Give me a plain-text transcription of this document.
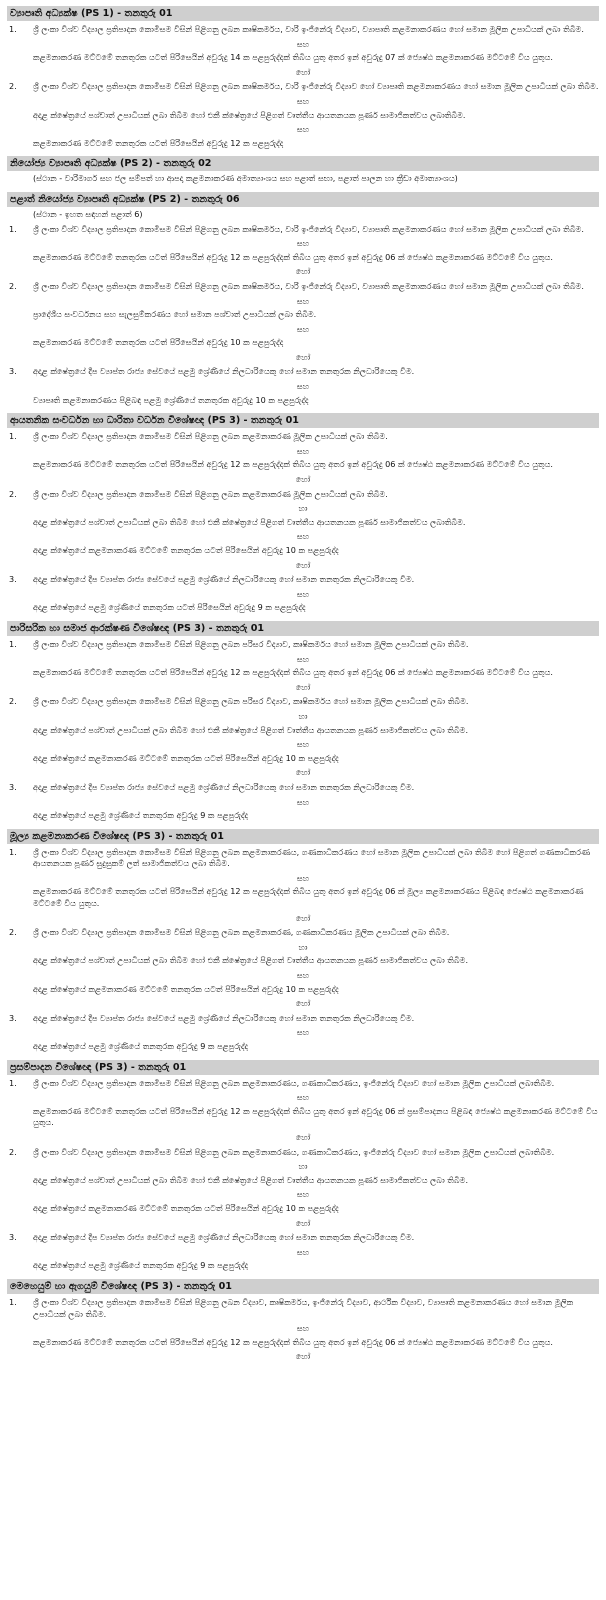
ව්‍යාපෘති අධ්‍යක්ෂ (PS 1) - තනතුරු 01
1.	ශ්‍රී ලංකා විශ්ව විද්‍යාල ප්‍රතිපාදන කොමිසම විසින් පිළිගනු ලබන කෘෂිකර්මය, වාරි ඉංජිනේරු විද්‍යාව, ව්‍යාපෘති කළමනාකරණය හෝ සමාන මූලික උපාධියක් ලබා තිබීම.
සහ
කළමනාකරණ මට්ටමේ තනතුරක යටත් පිරිසෙයින් අවුරුදු 14 ක පළපුරුද්දක් තිබිය යුතු අතර ඉන් අවුරුදු 07 ක් ජ්‍යෙෂ්ඨ කළමනාකරණ මට්ටමේ විය යුතුය.
හෝ
2.	ශ්‍රී ලංකා විශ්ව විද්‍යාල ප්‍රතිපාදන කොමිසම විසින් පිළිගනු ලබන කෘෂිකර්මය, වාරි ඉංජිනේරු විද්‍යාව හෝ ව්‍යාපෘති කළමනාකරණය හෝ සමාන මූලික උපාධියක් ලබා තිබීම.
සහ
අදාළ ක්ෂේත්‍රයේ පශ්චාත් උපාධියක් ලබා තිබීම හෝ එකී ක්ෂේත්‍රයේ පිළිගත් වෘත්තීය ආයතනයක පූර්ණ සාමාජිකත්වය ලබාතිබීම.
සහ
කළමනාකරණ මට්ටමේ තනතුරක යටත් පිරිසෙයින් අවුරුදු 12 ක පළපුරුද්ද
නියෝජ්‍ය ව්‍යාපෘති අධ්‍යක්ෂ (PS 2) - තනතුරු 02
(ස්ථාන - වාරිමාර්ග සහ ජල සම්පත් හා ආපදා කළමනාකරණ අමාත්‍යාංශය සහ පළාත් සභා, පළාත් පාලන හා ක්‍රීඩා අමාත්‍යාංශය)
පළාත් නියෝජ්‍ය ව්‍යාපෘති අධ්‍යක්ෂ (PS 2) - තනතුරු 06
(ස්ථාන - ඉහත සඳහන් පළාත් 6)
1.	ශ්‍රී ලංකා විශ්ව විද්‍යාල ප්‍රතිපාදන කොමිසම විසින් පිළිගනු ලබන කෘෂිකර්මය, වාරි ඉංජිනේරු විද්‍යාව, ව්‍යාපෘති කළමනාකරණය හෝ සමාන මූලික උපාධියක් ලබා තිබීම.
සහ
කළමනාකරණ මට්ටමේ තනතුරක යටත් පිරිසෙයින් අවුරුදු 12 ක පළපුරුද්දක් තිබිය යුතු අතර ඉන් අවුරුදු 06 ක් ජ්‍යෙෂ්ඨ කළමනාකරණ මට්ටමේ විය යුතුය.
හෝ
2.	ශ්‍රී ලංකා විශ්ව විද්‍යාල ප්‍රතිපාදන කොමිසම විසින් පිළිගනු ලබන කෘෂිකර්මය, වාරි ඉංජිනේරු විද්‍යාව, ව්‍යාපෘති කළමනාකරණය හෝ සමාන මූලික උපාධියක් ලබා තිබීම.
සහ
ප්‍රාදේශීය සංවර්ධනය සහ සැලසුම්කරණය හෝ සමාන පශ්චාත් උපාධියක් ලබා තිබීම.
සහ
කළමනාකරණ මට්ටමේ තනතුරක යටත් පිරිසෙයින් අවුරුදු 10 ක පළපුරුද්ද
හෝ
3.	අදාළ ක්ෂේත්‍රයේ දීප ව්‍යාප්ත රාජ්‍ය සේවයේ පළමු ශ්‍රේණියේ නිලධාරියෙකු හෝ සමාන තනතුරක නිලධාරියෙකු වීම.
සහ
ව්‍යාපෘති කළමනාකරණය පිළිබඳ පළමු ශ්‍රේණියේ තනතුරක අවුරුදු 10 ක පළපුරුද්ද
ආයතනික සංවර්ධන හා ධාරිතා වර්ධන විශේෂඥ (PS 3) - තනතුරු 01
1.	ශ්‍රී ලංකා විශ්ව විද්‍යාල ප්‍රතිපාදන කොමිසම විසින් පිළිගනු ලබන කළමනාකරණ මූලික උපාධියක් ලබා තිබීම.
සහ
කළමනාකරණ මට්ටමේ තනතුරක යටත් පිරිසෙයින් අවුරුදු 12 ක පළපුරුද්දක් තිබිය යුතු අතර ඉන් අවුරුදු 06 ක් ජ්‍යෙෂ්ඨ කළමනාකරණ මට්ටමේ විය යුතුය.
හෝ
2.	ශ්‍රී ලංකා විශ්ව විද්‍යාල ප්‍රතිපාදන කොමිසම විසින් පිළිගනු ලබන කළමනාකරණ මූලික උපාධියක් ලබා තිබීම.
හා
අදාළ ක්ෂේත්‍රයේ පශ්චාත් උපාධියක් ලබා තිබීම හෝ එකී ක්ෂේත්‍රයේ පිළිගත් වෘත්තීය ආයතනයක පූර්ණ සාමාජිකත්වය ලබාතිබීම.
සහ
අදාළ ක්ෂේත්‍රයේ කළමනාකරණ මට්ටමේ තනතුරක යටත් පිරිසෙයින් අවුරුදු 10 ක පළපුරුද්ද
හෝ
3.	අදාළ ක්ෂේත්‍රයේ දීප ව්‍යාප්ත රාජ්‍ය සේවයේ පළමු ශ්‍රේණියේ නිලධාරියෙකු හෝ සමාන තනතුරක නිලධාරියෙකු වීම.
සහ
අදාළ ක්ෂේත්‍රයේ පළමු ශ්‍රේණියේ තනතුරක යටත් පිරිසෙයින් අවුරුදු 9 ක පළපුරුද්ද
පාරිසරික හා සමාජ ආරක්ෂණ විශේෂඥ (PS 3) - තනතුරු 01
1.	ශ්‍රී ලංකා විශ්ව විද්‍යාල ප්‍රතිපාදන කොමිසම විසින් පිළිගනු ලබන පරිසර විද්‍යාව, කෘෂිකර්මය හෝ සමාන මූලික උපාධියක් ලබා තිබීම.
සහ
කළමනාකරණ මට්ටමේ තනතුරක යටත් පිරිසෙයින් අවුරුදු 12 ක පළපුරුද්දක් තිබිය යුතු අතර ඉන් අවුරුදු 06 ක් ජ්‍යෙෂ්ඨ කළමනාකරණ මට්ටමේ විය යුතුය.
හෝ
2.	ශ්‍රී ලංකා විශ්ව විද්‍යාල ප්‍රතිපාදන කොමිසම විසින් පිළිගනු ලබන පරිසර විද්‍යාව, කෘෂිකර්මය හෝ සමාන මූලික උපාධියක් ලබා තිබීම.
හා
අදාළ ක්ෂේත්‍රයේ පශ්චාත් උපාධියක් ලබා තිබීම හෝ එකී ක්ෂේත්‍රයේ පිළිගත් වෘත්තීය ආයතනයක පූර්ණ සාමාජිකත්වය ලබා තිබීම.
සහ
අදාළ ක්ෂේත්‍රයේ කළමනාකරණ මට්ටමේ තනතුරක යටත් පිරිසෙයින් අවුරුදු 10 ක පළපුරුද්ද
හෝ
3.	අදාළ ක්ෂේත්‍රයේ දීප ව්‍යාප්ත රාජ්‍ය සේවයේ පළමු ශ්‍රේණියේ නිලධාරියෙකු හෝ සමාන තනතුරක නිලධාරියෙකු වීම.
සහ
අදාළ ක්ෂේත්‍රයේ පළමු ශ්‍රේණියේ තනතුරක අවුරුදු 9 ක පළපුරුද්ද
මූල්‍ය කළමනාකරණ විශේෂඥ (PS 3) - තනතුරු 01
1.	ශ්‍රී ලංකා විශ්ව විද්‍යාල ප්‍රතිපාදන කොමිසම විසින් පිළිගනු ලබන කළමනාකරණය, ගණකාධිකරණය හෝ සමාන මූලික උපාධියක් ලබා තිබීම හෝ පිළිගත් ගණකාධිකරණ ආයතනයක පූර්ණ සුදුසුකම් ලත් සාමාජිකත්වය ලබා තිබීම.
සහ
කළමනාකරණ මට්ටමේ තනතුරක යටත් පිරිසෙයින් අවුරුදු 12 ක පළපුරුද්දක් තිබිය යුතු අතර ඉන් අවුරුදු 06 ක් මූල්‍ය කළමනාකරණය පිළිබඳ ජ්‍යෙෂ්ඨ කළමනාකරණ මට්ටමේ විය යුතුය.
හෝ
2.	ශ්‍රී ලංකා විශ්ව විද්‍යාල ප්‍රතිපාදන කොමිසම විසින් පිළිගනු ලබන කළමනාකරණ, ගණකාධිකරණය මූලික උපාධියක් ලබා තිබීම.
හා
අදාළ ක්ෂේත්‍රයේ පශ්චාත් උපාධියක් ලබා තිබීම හෝ එකී ක්ෂේත්‍රයේ පිළිගත් වෘත්තීය ආයතනයක පූර්ණ සාමාජිකත්වය ලබා තිබීම.
සහ
අදාළ ක්ෂේත්‍රයේ කළමනාකරණ මට්ටමේ තනතුරක යටත් පිරිසෙයින් අවුරුදු 10 ක පළපුරුද්ද
හෝ
3.	අදාළ ක්ෂේත්‍රයේ දීප ව්‍යාප්ත රාජ්‍ය සේවයේ පළමු ශ්‍රේණියේ නිලධාරියෙකු හෝ සමාන තනතුරක නිලධාරියෙකු වීම.
සහ
අදාළ ක්ෂේත්‍රයේ පළමු ශ්‍රේණියේ තනතුරක අවුරුදු 9 ක පළපුරුද්ද
ප්‍රසම්පාදන විශේෂඥ (PS 3) - තනතුරු 01
1.	ශ්‍රී ලංකා විශ්ව විද්‍යාල ප්‍රතිපාදන කොමිසම විසින් පිළිගනු ලබන කළමනාකරණය, ගණකාධිකරණය, ඉංජිනේරු විද්‍යාව හෝ සමාන මූලික උපාධියක් ලබාතිබීම.
සහ
කළමනාකරණ මට්ටමේ තනතුරක යටත් පිරිසෙයින් අවුරුදු 12 ක පළපුරුද්දක් තිබිය යුතු අතර ඉන් අවුරුදු 06 ක් ප්‍රසම්පාදනය පිළිබඳ ජ්‍යෙෂ්ඨ කළමනාකරණ මට්ටමේ විය යුතුය.
හෝ
2.	ශ්‍රී ලංකා විශ්ව විද්‍යාල ප්‍රතිපාදන කොමිසම විසින් පිළිගනු ලබන කළමනාකරණය, ගණකාධිකරණය, ඉංජිනේරු විද්‍යාව හෝ සමාන මූලික උපාධියක් ලබාතිබීම.
හා
අදාළ ක්ෂේත්‍රයේ පශ්චාත් උපාධියක් ලබා තිබීම හෝ එකී ක්ෂේත්‍රයේ පිළිගත් වෘත්තීය ආයතනයක පූර්ණ සාමාජිකත්වය ලබා තිබීම.
සහ
අදාළ ක්ෂේත්‍රයේ කළමනාකරණ මට්ටමේ තනතුරක යටත් පිරිසෙයින් අවුරුදු 10 ක පළපුරුද්ද
හෝ
3.	අදාළ ක්ෂේත්‍රයේ දීප ව්‍යාප්ත රාජ්‍ය සේවයේ පළමු ශ්‍රේණියේ නිලධාරියෙකු හෝ සමාන තනතුරක නිලධාරියෙකු වීම.
සහ
අදාළ ක්ෂේත්‍රයේ පළමු ශ්‍රේණියේ තනතුරක අවුරුදු 9 ක පළපුරුද්ද
මෙහෙයුම් හා ඇගයුම් විශේෂඥ (PS 3) - තනතුරු 01
1.	ශ්‍රී ලංකා විශ්ව විද්‍යාල ප්‍රතිපාදන කොමිසම විසින් පිළිගනු ලබන විද්‍යාව, කෘෂිකර්මය, ඉංජිනේරු විද්‍යාව, ආර්ථික විද්‍යාව, ව්‍යාපෘති කළමනාකරණය හෝ සමාන මූලික උපාධියක් ලබා තිබීම.
සහ
කළමනාකරණ මට්ටමේ තනතුරක යටත් පිරිසෙයින් අවුරුදු 12 ක පළපුරුද්දක් තිබිය යුතු අතර ඉන් අවුරුදු 06 ක් ජ්‍යෙෂ්ඨ කළමනාකරණ මට්ටමේ විය යුතුය.
හෝ
